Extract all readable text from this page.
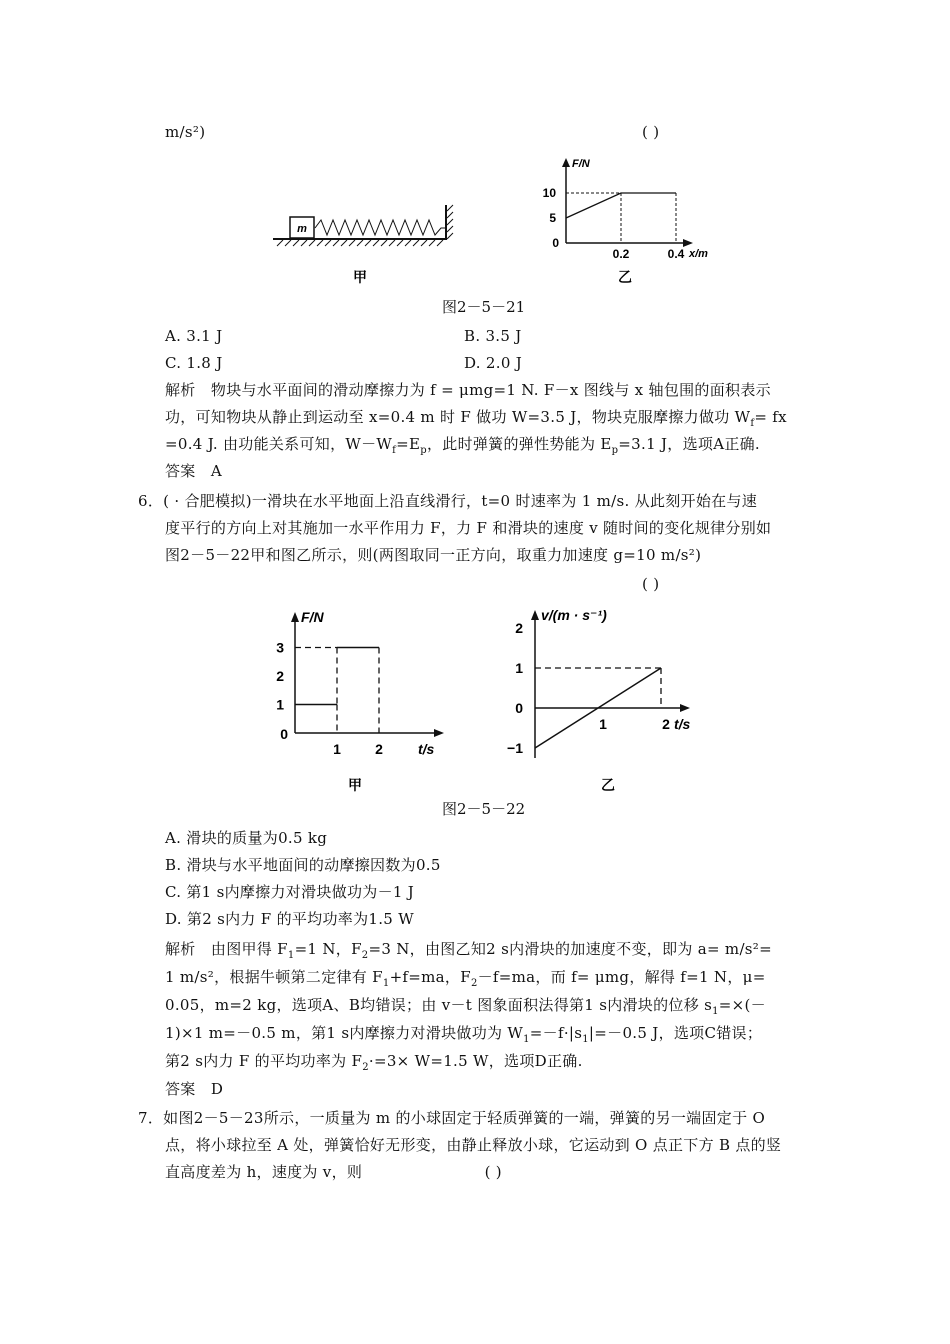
m/s²)	( )
m
甲
F/N
x/m
0
5
10
0.2	0.4
乙
图2－5－21
A. 3.1 J	B. 3.5 J
C. 1.8 J	D. 2.0 J
解析　物块与水平面间的滑动摩擦力为 f = μmg=1 N. F－x 图线与 x 轴包围的面积表示
功，可知物块从静止到运动至 x=0.4 m 时 F 做功 W=3.5 J，物块克服摩擦力做功 $W_f=$ fx
=0.4 J. 由功能关系可知，$W-W_f=E_p$，此时弹簧的弹性势能为 $E_p=3.1$ J，选项A正确.
答案　A
6．( · 合肥模拟)一滑块在水平地面上沿直线滑行，t=0 时速率为 1 m/s. 从此刻开始在与速
度平行的方向上对其施加一水平作用力 F，力 F 和滑块的速度 v 随时间的变化规律分别如
图2－5－22甲和图乙所示，则(两图取同一正方向，取重力加速度 g=10 m/s²)
( )
F/N
t/s
0
1
2
3
1 2
甲
v/(m · s⁻¹)
t/s
2
1
0
−1
1	2
乙
图2－5－22
A. 滑块的质量为0.5 kg
B. 滑块与水平地面间的动摩擦因数为0.5
C. 第1 s内摩擦力对滑块做功为－1 J
D. 第2 s内力 F 的平均功率为1.5 W
解析　由图甲得 $F_1=1$ N，$F_2=3$ N，由图乙知2 s内滑块的加速度不变，即为 a= m/s²=
1 m/s²，根据牛顿第二定律有 $F_1+f=ma$，$F_2-f=ma$，而 f= μmg，解得 f=1 N，μ=
0.05，m=2 kg，选项A、B均错误；由 v－t 图象面积法得第1 s内滑块的位移 $s_1=\times(-$
1)×1 m=－0.5 m，第1 s内摩擦力对滑块做功为 $W_1=-f\cdot|s_1|=-0.5$ J，选项C错误；
第2 s内力 F 的平均功率为 $F_2\cdot=3\times W=1.5$ W，选项D正确.
答案　D
7．如图2－5－23所示，一质量为 m 的小球固定于轻质弹簧的一端，弹簧的另一端固定于 O
点，将小球拉至 A 处，弹簧恰好无形变，由静止释放小球，它运动到 O 点正下方 B 点的竖
直高度差为 h，速度为 v，则　　　　　　　　( )
